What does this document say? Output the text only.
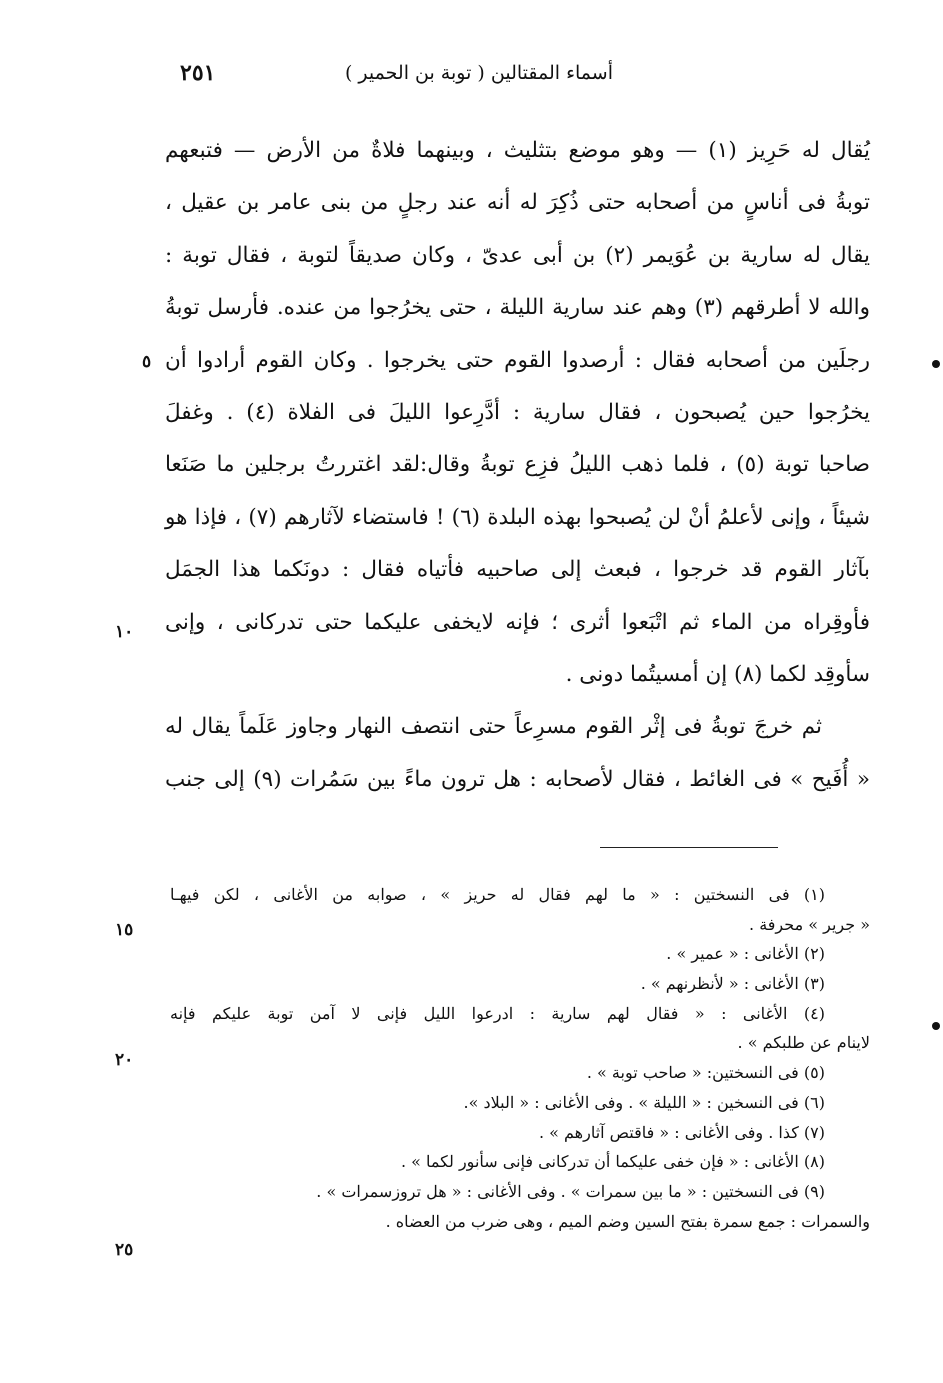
أسماء المقتالين ( توبة بن الحمير )
٢٥١
يُقال له حَرِيز (١) — وهو موضع بتثليث ، وبينهما فلاةٌ من الأرض — فتبعهم
توبةُ فى أناسٍ من أصحابه حتى ذُكِرَ له أنه عند رجلٍ من بنى عامر بن عقيل ،
يقال له سارية بن عُوَيمر (٢) بن أبى عدىّ ، وكان صديقاً لتوبة ، فقال توبة :
والله لا أطرقهم (٣) وهم عند سارية الليلة ، حتى يخرُجوا من عنده. فأرسل توبةُ
رجلَين من أصحابه فقال : أرصدوا القوم حتى يخرجوا . وكان القوم أرادوا أن
يخرُجوا حين يُصبحون ، فقال سارية : أدَّرِعوا الليلَ فى الفلاة (٤) . وغفلَ
صاحبا توبة (٥) ، فلما ذهب الليلُ فزِع توبةُ وقال:لقد اغتررتُ برجلين ما صَنَعا
شيئاً ، وإنى لأعلمُ أنْ لن يُصبحوا بهذه البلدة (٦) ! فاستضاء لآثارهم (٧) ، فإذا هو
بآثار القوم قد خرجوا ، فبعث إلى صاحبيه فأتياه فقال : دونَكما هذا الجمَل
فأوقِراه من الماء ثم اتْبَعوا أثرى ؛ فإنه لايخفى عليكما حتى تدركانى ، وإنى
سأوقِد لكما (٨) إن أمسيتُما دونى .
ثم خرجَ توبةُ فى إثْر القوم مسرِعاً حتى انتصف النهار وجاوز عَلَماً يقال له
« أُفَيح » فى الغائط ، فقال لأصحابه : هل ترون ماءً بين سَمُرات (٩) إلى جنب
(١) فى النسختين : « ما لهم فقال له حريز » ، صوابه من الأغانى ، لكن فيهـا
« جرير » محرفة .
(٢) الأغانى : « عمير » .
(٣) الأغانى : « لأنظرنهم » .
(٤) الأغانى : « فقال لهم سارية : ادرعوا الليل فإنى لا آمن توبة عليكم فإنه
لاينام عن طلبكم » .
(٥) فى النسختين: « صاحب توبة » .
(٦) فى النسخين : « الليلة » . وفى الأغانى : « البلاد ».
(٧) كذا . وفى الأغانى : « فاقتص آثارهم » .
(٨) الأغانى : « فإن خفى عليكما أن تدركانى فإنى سأنور لكما » .
(٩) فى النسختين : « ما بين سمرات » . وفى الأغانى : « هل تروزسمرات » .
والسمرات : جمع سمرة بفتح السين وضم الميم ، وهى ضرب من العضاه .
٥
١٠
١٥
٢٠
٢٥
